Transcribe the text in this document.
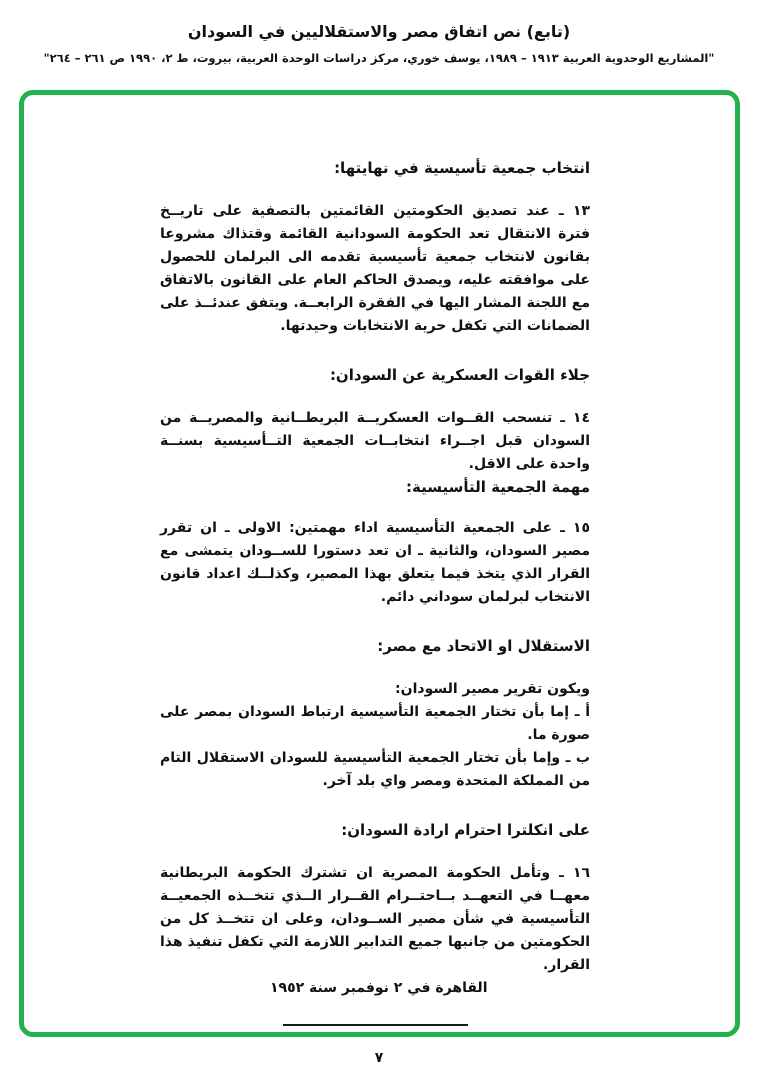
(تابع) نص اتفاق مصر والاستقلاليين في السودان
"المشاريع الوحدوية العربية ١٩١٣ – ١٩٨٩، يوسف خوري، مركز دراسات الوحدة العربية، بيروت، ط ٢، ١٩٩٠ ص ٢٦١ – ٢٦٤"
انتخاب جمعية تأسيسية في نهايتها:

١٣ ـ عند تصديق الحكومتين القائمتين بالتصفية على تاريــخ فترة الانتقال تعد الحكومة السودانية القائمة وقتذاك مشروعا بقانون لانتخاب جمعية تأسيسية تقدمه الى البرلمان للحصول على موافقته عليه، ويصدق الحاكم العام على القانون بالاتفاق مع اللجنة المشار اليها في الفقرة الرابعــة. ويتفق عندئــذ على الضمانات التي تكفل حرية الانتخابات وحيدتها.

جلاء القوات العسكرية عن السودان:

١٤ ـ تنسحب القــوات العسكريــة البريطــانية والمصريــة من السودان قبل اجــراء انتخابــات الجمعية التــأسيسية بسنــة واحدة على الاقل.

مهمة الجمعية التأسيسية:

١٥ ـ على الجمعية التأسيسية اداء مهمتين: الاولى ـ ان تقرر مصير السودان، والثانية ـ ان تعد دستورا للســودان يتمشى مع القرار الذي يتخذ فيما يتعلق بهذا المصير، وكذلــك اعداد قانون الانتخاب لبرلمان سوداني دائم.

الاستقلال او الاتحاد مع مصر:

ويكون تقرير مصير السودان:

أ ـ إما بأن تختار الجمعية التأسيسية ارتباط السودان بمصر على صورة ما.

ب ـ وإما بأن تختار الجمعية التأسيسية للسودان الاستقلال التام من المملكة المتحدة ومصر واي بلد آخر.

على انكلترا احترام ارادة السودان:

١٦ ـ وتأمل الحكومة المصرية ان تشترك الحكومة البريطانية معهــا في التعهــد بــاحتــرام القــرار الــذي تتخــذه الجمعيــة التأسيسية في شأن مصير الســودان، وعلى ان تتخــذ كل من الحكومتين من جانبها جميع التدابير اللازمة التي تكفل تنفيذ هذا القرار.

القاهرة في ٢ نوفمبر سنة ١٩٥٢
٧
